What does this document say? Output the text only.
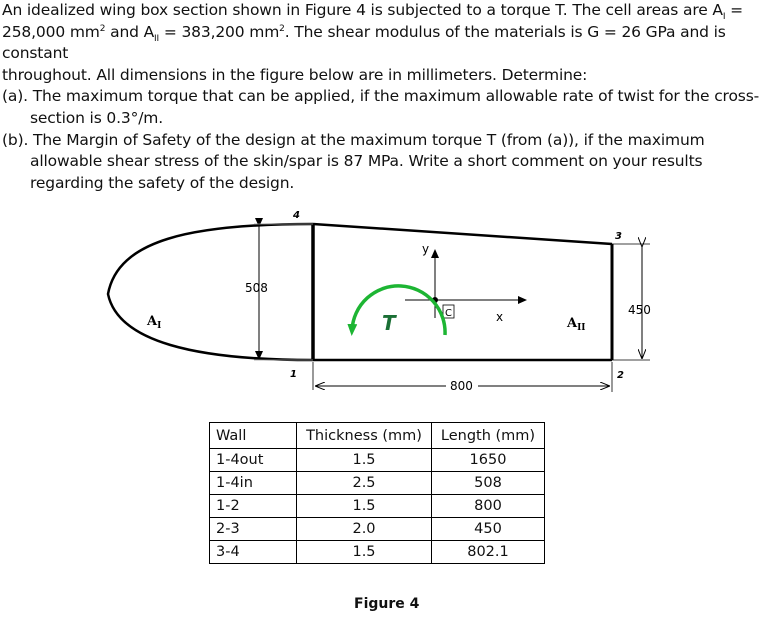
An idealized wing box section shown in Figure 4 is subjected to a torque T. The cell areas are $A_I$ =

258,000 $mm^2$ and $A_{II} = 383,200$ $mm^2$. The shear modulus of the materials is G = 26 GPa and is constant

throughout. All dimensions in the figure below are in millimeters. Determine:

(a). The maximum torque that can be applied, if the maximum allowable rate of twist for the cross-
section is 0.3°/m.

(b). The Margin of Safety of the design at the maximum torque T (from (a)), if the maximum allowable shear stress of the skin/spar is 87 MPa. Write a short comment on your results regarding the safety of the design.

508
450
800
4
1
3
2
$A_I$	$A_{II}$
y
x
C
T
Wall	Thickness (mm)	Length (mm)
1-4out	1.5	1650
1-4in	2.5	508
1-2	1.5	800
2-3	2.0	450
3-4	1.5	802.1
Figure 4
